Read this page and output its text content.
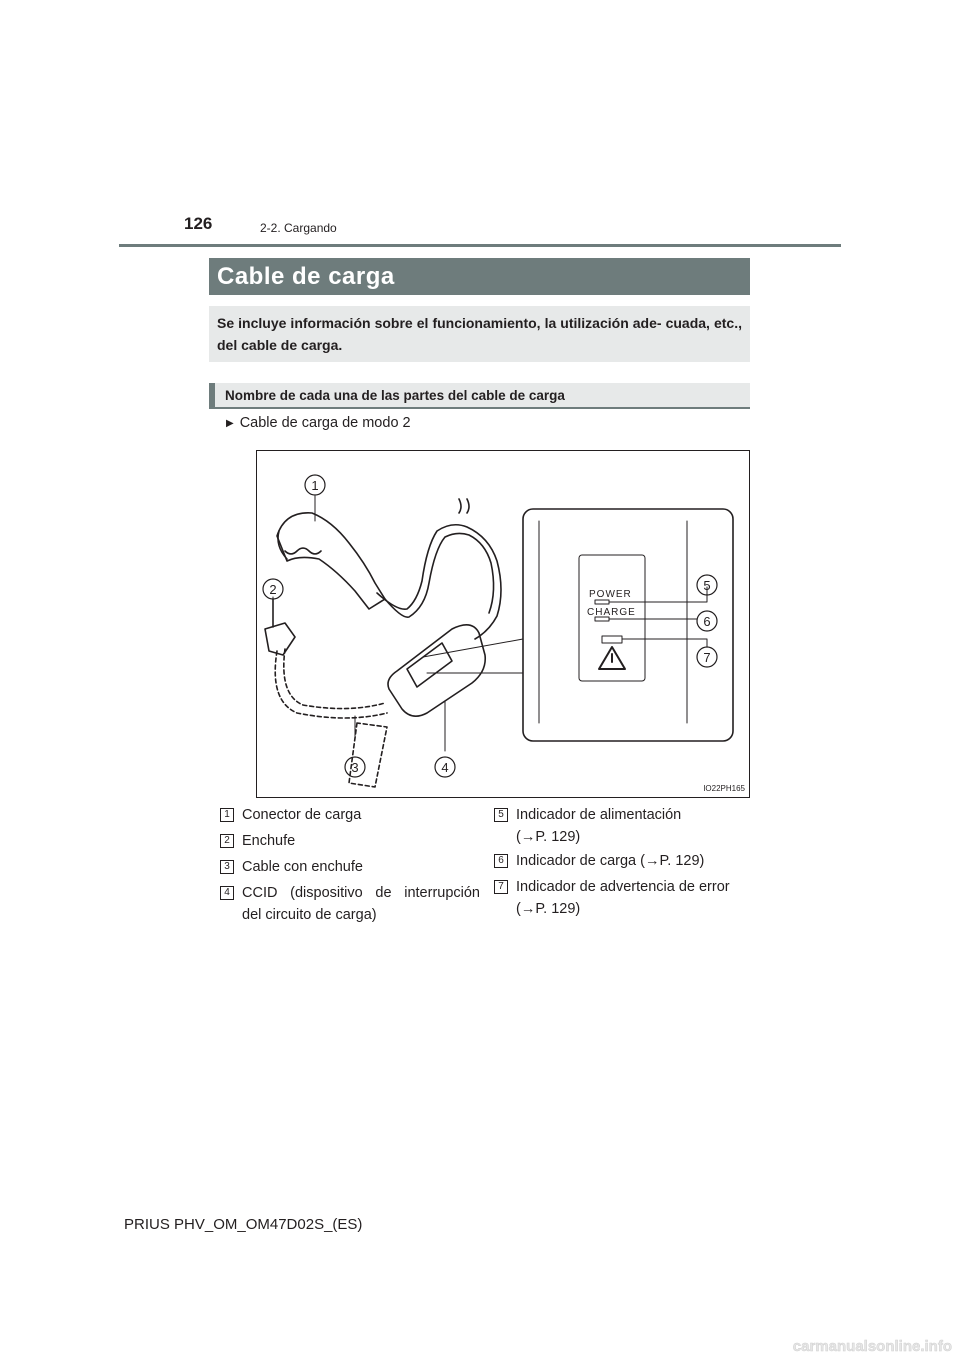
126	2-2. Cargando
Cable de carga
Se incluye información sobre el funcionamiento, la utilización ade- cuada, etc., del cable de carga.
Nombre de cada una de las partes del cable de carga
▶ Cable de carga de modo 2
POWER
CHARGE
1
2
3	4
5
6
7
IO22PH165
1 Conector de carga
2 Enchufe
3 Cable con enchufe
4 CCID (dispositivo de interrupción
del circuito de carga)
5 Indicador de alimentación
(→P. 129)
6 Indicador de carga (→P. 129)
7 Indicador de advertencia de error
(→P. 129)
PRIUS PHV_OM_OM47D02S_(ES)
carmanualsonline.info
